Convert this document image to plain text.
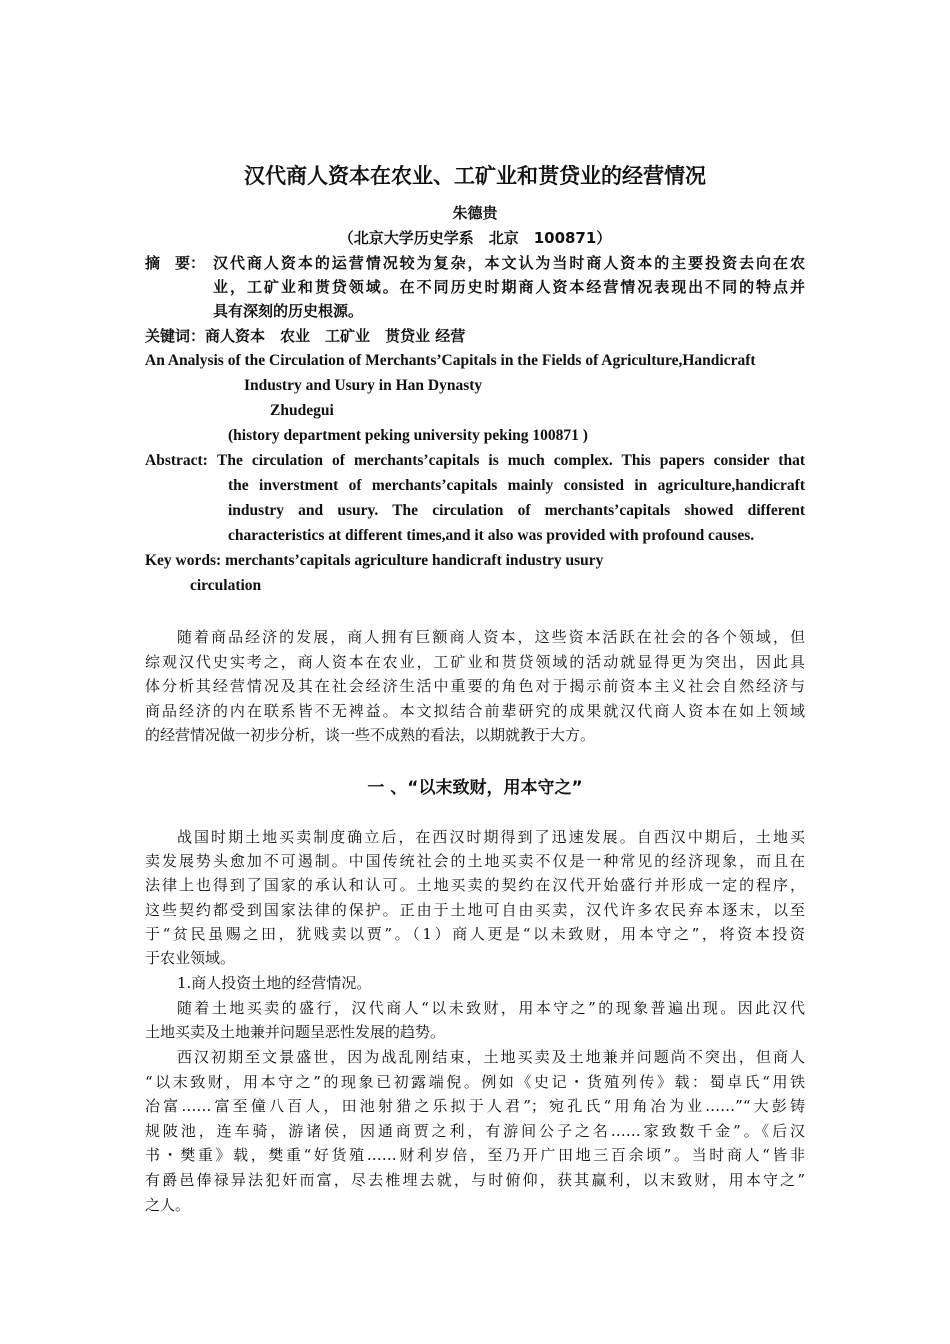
汉代商人资本在农业、工矿业和贳贷业的经营情况
朱德贵
（北京大学历史学系　北京　100871）
摘　要： 汉代商人资本的运营情况较为复杂，本文认为当时商人资本的主要投资去向在农
业，工矿业和贳贷领域。在不同历史时期商人资本经营情况表现出不同的特点并
具有深刻的历史根源。
关键词：商人资本　农业　工矿业　贳贷业 经营
An Analysis of the Circulation of Merchants’Capitals in the Fields of Agriculture,Handicraft
Industry and Usury in Han Dynasty
Zhudegui
(history department peking university peking 100871 )
Abstract: The circulation of merchants’capitals is much complex. This papers consider that
the inverstment of merchants’capitals mainly consisted in agriculture,handicraft
industry and usury. The circulation of merchants’capitals showed different
characteristics at different times,and it also was provided with profound causes.
Key words: merchants’capitals agriculture handicraft industry usury
circulation
随着商品经济的发展，商人拥有巨额商人资本，这些资本活跃在社会的各个领域，但
综观汉代史实考之，商人资本在农业，工矿业和贳贷领域的活动就显得更为突出，因此具
体分析其经营情况及其在社会经济生活中重要的角色对于揭示前资本主义社会自然经济与
商品经济的内在联系皆不无裨益。本文拟结合前辈研究的成果就汉代商人资本在如上领域
的经营情况做一初步分析，谈一些不成熟的看法，以期就教于大方。
一 、“以末致财，用本守之”
战国时期土地买卖制度确立后，在西汉时期得到了迅速发展。自西汉中期后，土地买
卖发展势头愈加不可遏制。中国传统社会的土地买卖不仅是一种常见的经济现象，而且在
法律上也得到了国家的承认和认可。土地买卖的契约在汉代开始盛行并形成一定的程序，
这些契约都受到国家法律的保护。正由于土地可自由买卖，汉代许多农民弃本逐末，以至
于“贫民虽赐之田，犹贱卖以贾”。（1）商人更是“以未致财，用本守之”，将资本投资
于农业领域。
1.商人投资土地的经营情况。
随着土地买卖的盛行，汉代商人“以未致财，用本守之”的现象普遍出现。因此汉代
土地买卖及土地兼并问题呈恶性发展的趋势。
西汉初期至文景盛世，因为战乱刚结束，土地买卖及土地兼并问题尚不突出，但商人
“以末致财，用本守之”的现象已初露端倪。例如《史记・货殖列传》载：蜀卓氏“用铁
冶富……富至僮八百人，田池射猎之乐拟于人君”；宛孔氏“用角冶为业……”“大彭铸
规陂池，连车骑，游诸侯，因通商贾之利，有游间公子之名……家致数千金”。《后汉
书・樊重》载，樊重“好货殖……财利岁倍，至乃开广田地三百余顷”。当时商人“皆非
有爵邑俸禄异法犯奸而富，尽去椎埋去就，与时俯仰，获其赢利，以末致财，用本守之”
之人。
